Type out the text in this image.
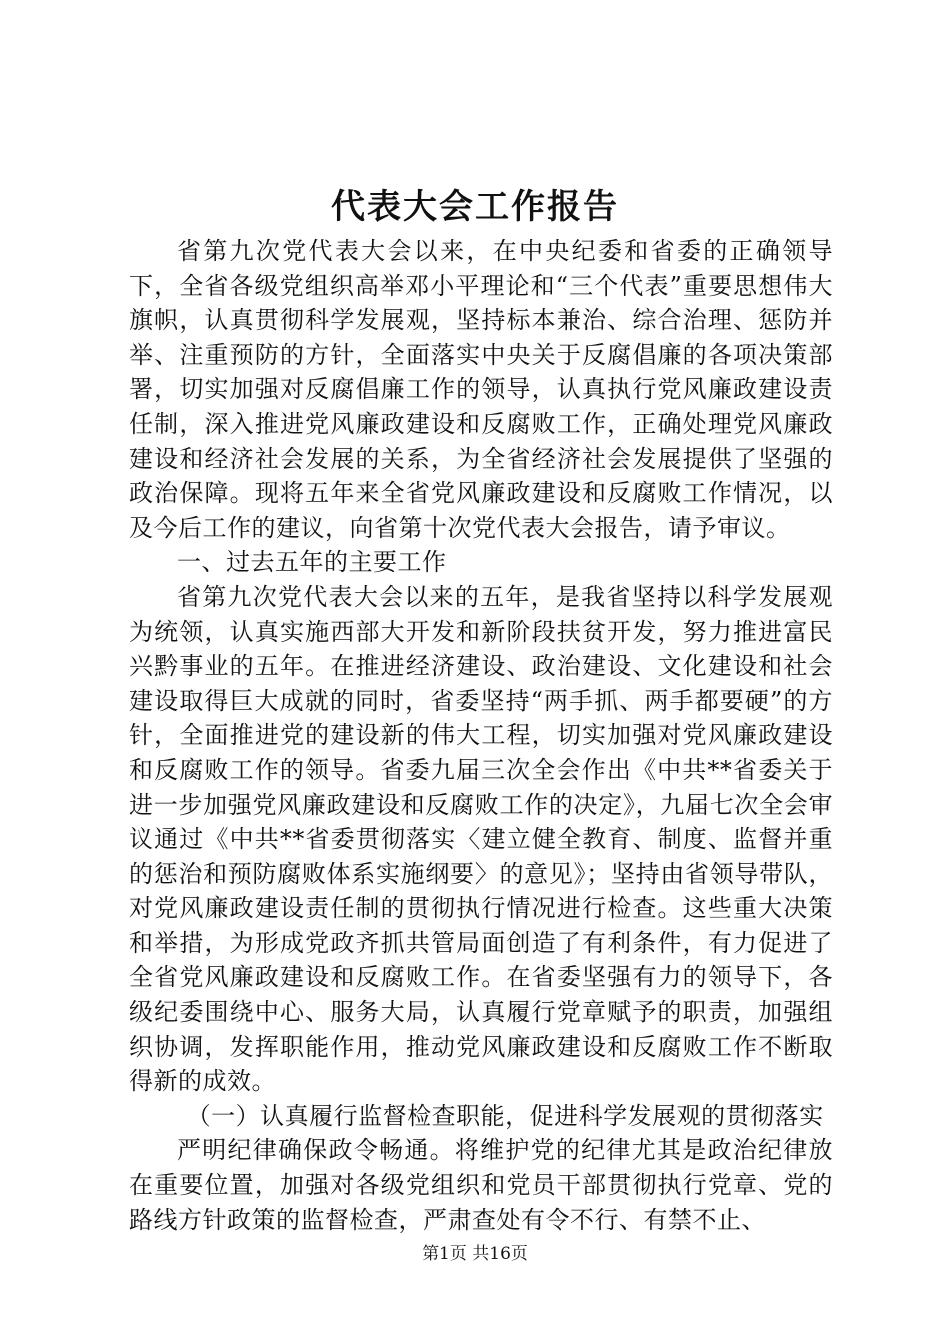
代表大会工作报告

省第九次党代表大会以来，在中央纪委和省委的正确领导下，全省各级党组织高举邓小平理论和“三个代表”重要思想伟大旗帜，认真贯彻科学发展观，坚持标本兼治、综合治理、惩防并举、注重预防的方针，全面落实中央关于反腐倡廉的各项决策部署，切实加强对反腐倡廉工作的领导，认真执行党风廉政建设责任制，深入推进党风廉政建设和反腐败工作，正确处理党风廉政建设和经济社会发展的关系，为全省经济社会发展提供了坚强的政治保障。现将五年来全省党风廉政建设和反腐败工作情况，以及今后工作的建议，向省第十次党代表大会报告，请予审议。

一、过去五年的主要工作

省第九次党代表大会以来的五年，是我省坚持以科学发展观为统领，认真实施西部大开发和新阶段扶贫开发，努力推进富民兴黔事业的五年。在推进经济建设、政治建设、文化建设和社会建设取得巨大成就的同时，省委坚持“两手抓、两手都要硬”的方针，全面推进党的建设新的伟大工程，切实加强对党风廉政建设和反腐败工作的领导。省委九届三次全会作出《中共**省委关于进一步加强党风廉政建设和反腐败工作的决定》，九届七次全会审议通过《中共**省委贯彻落实〈建立健全教育、制度、监督并重的惩治和预防腐败体系实施纲要〉的意见》；坚持由省领导带队，对党风廉政建设责任制的贯彻执行情况进行检查。这些重大决策和举措，为形成党政齐抓共管局面创造了有利条件，有力促进了全省党风廉政建设和反腐败工作。在省委坚强有力的领导下，各级纪委围绕中心、服务大局，认真履行党章赋予的职责，加强组织协调，发挥职能作用，推动党风廉政建设和反腐败工作不断取得新的成效。

（一）认真履行监督检查职能，促进科学发展观的贯彻落实

严明纪律确保政令畅通。将维护党的纪律尤其是政治纪律放在重要位置，加强对各级党组织和党员干部贯彻执行党章、党的路线方针政策的监督检查，严肃查处有令不行、有禁不止、

第1页 共16页
